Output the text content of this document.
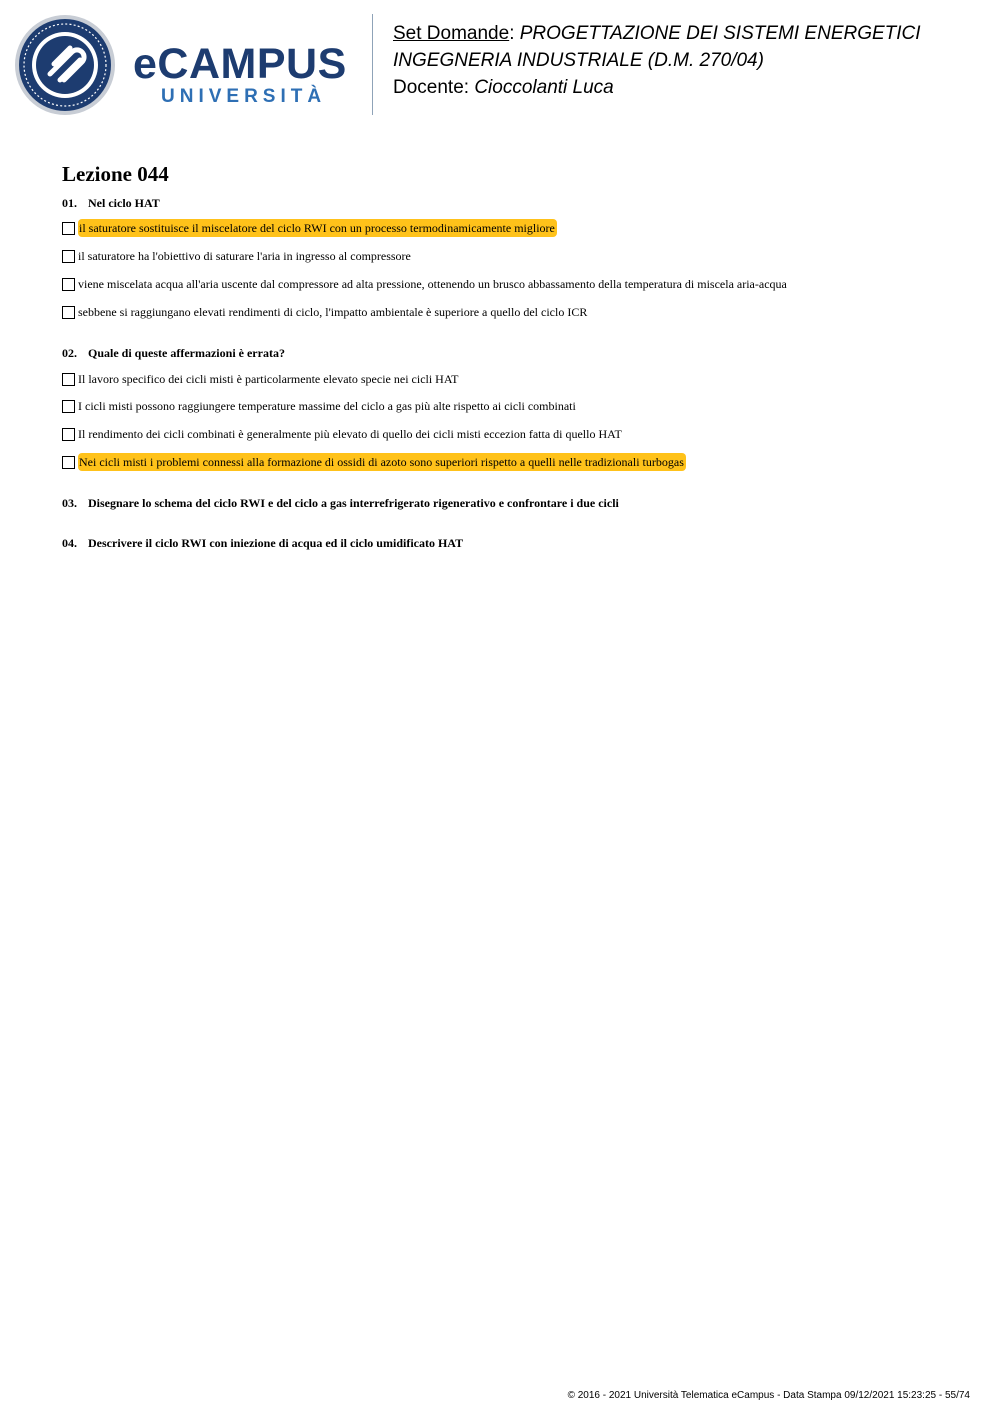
eCAMPUS
UNIVERSITÀ
Set Domande: PROGETTAZIONE DEI SISTEMI ENERGETICI
INGEGNERIA INDUSTRIALE (D.M. 270/04)
Docente: Cioccolanti Luca
Lezione 044
01. Nel ciclo HAT
il saturatore sostituisce il miscelatore del ciclo RWI con un processo termodinamicamente migliore
il saturatore ha l'obiettivo di saturare l'aria in ingresso al compressore
viene miscelata acqua all'aria uscente dal compressore ad alta pressione, ottenendo un brusco abbassamento della temperatura di miscela aria-acqua
sebbene si raggiungano elevati rendimenti di ciclo, l'impatto ambientale è superiore a quello del ciclo ICR
02. Quale di queste affermazioni è errata?
Il lavoro specifico dei cicli misti è particolarmente elevato specie nei cicli HAT
I cicli misti possono raggiungere temperature massime del ciclo a gas più alte rispetto ai cicli combinati
Il rendimento dei cicli combinati è generalmente più elevato di quello dei cicli misti eccezion fatta di quello HAT
Nei cicli misti i problemi connessi alla formazione di ossidi di azoto sono superiori rispetto a quelli nelle tradizionali turbogas
03. Disegnare lo schema del ciclo RWI e del ciclo a gas interrefrigerato rigenerativo e confrontare i due cicli
04. Descrivere il ciclo RWI con iniezione di acqua ed il ciclo umidificato HAT
© 2016 - 2021 Università Telematica eCampus - Data Stampa 09/12/2021 15:23:25 - 55/74
